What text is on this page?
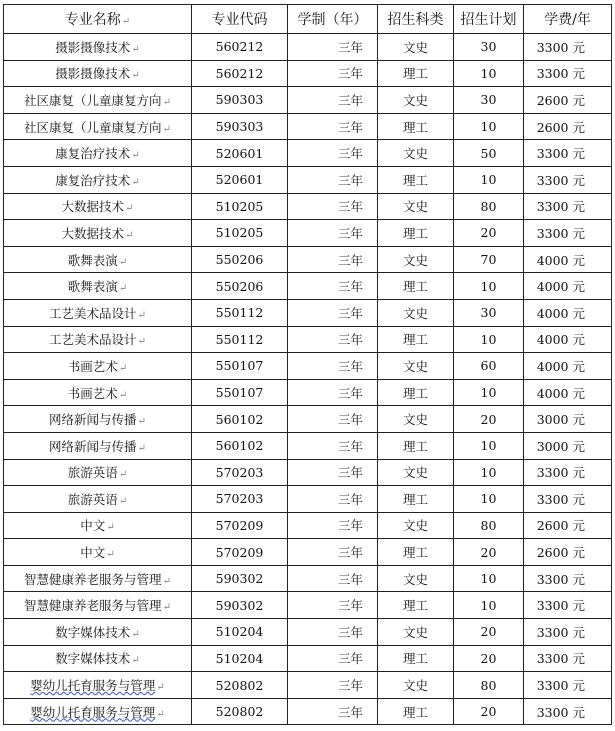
专业名称↵	专业代码	学制（年）	招生科类	招生计划	学费/年
摄影摄像技术↵	560212	三年	文史	30	3300 元
摄影摄像技术↵	560212	三年	理工	10	3300 元
社区康复（儿童康复方向↵	590303	三年	文史	30	2600 元
社区康复（儿童康复方向↵	590303	三年	理工	10	2600 元
康复治疗技术↵	520601	三年	文史	50	3300 元
康复治疗技术↵	520601	三年	理工	10	3300 元
大数据技术↵	510205	三年	文史	80	3300 元
大数据技术↵	510205	三年	理工	20	3300 元
歌舞表演↵	550206	三年	文史	70	4000 元
歌舞表演↵	550206	三年	理工	10	4000 元
工艺美术品设计↵	550112	三年	文史	30	4000 元
工艺美术品设计↵	550112	三年	理工	10	4000 元
书画艺术↵	550107	三年	文史	60	4000 元
书画艺术↵	550107	三年	理工	10	4000 元
网络新闻与传播↵	560102	三年	文史	20	3000 元
网络新闻与传播↵	560102	三年	理工	10	3000 元
旅游英语↵	570203	三年	文史	10	3300 元
旅游英语↵	570203	三年	理工	10	3300 元
中文↵	570209	三年	文史	80	2600 元
中文↵	570209	三年	理工	20	2600 元
智慧健康养老服务与管理↵	590302	三年	文史	10	3300 元
智慧健康养老服务与管理↵	590302	三年	理工	10	3300 元
数字媒体技术↵	510204	三年	文史	20	3300 元
数字媒体技术↵	510204	三年	理工	20	3300 元
婴幼儿托育服务与管理↵	520802	三年	文史	80	3300 元
婴幼儿托育服务与管理↵	520802	三年	理工	20	3300 元
